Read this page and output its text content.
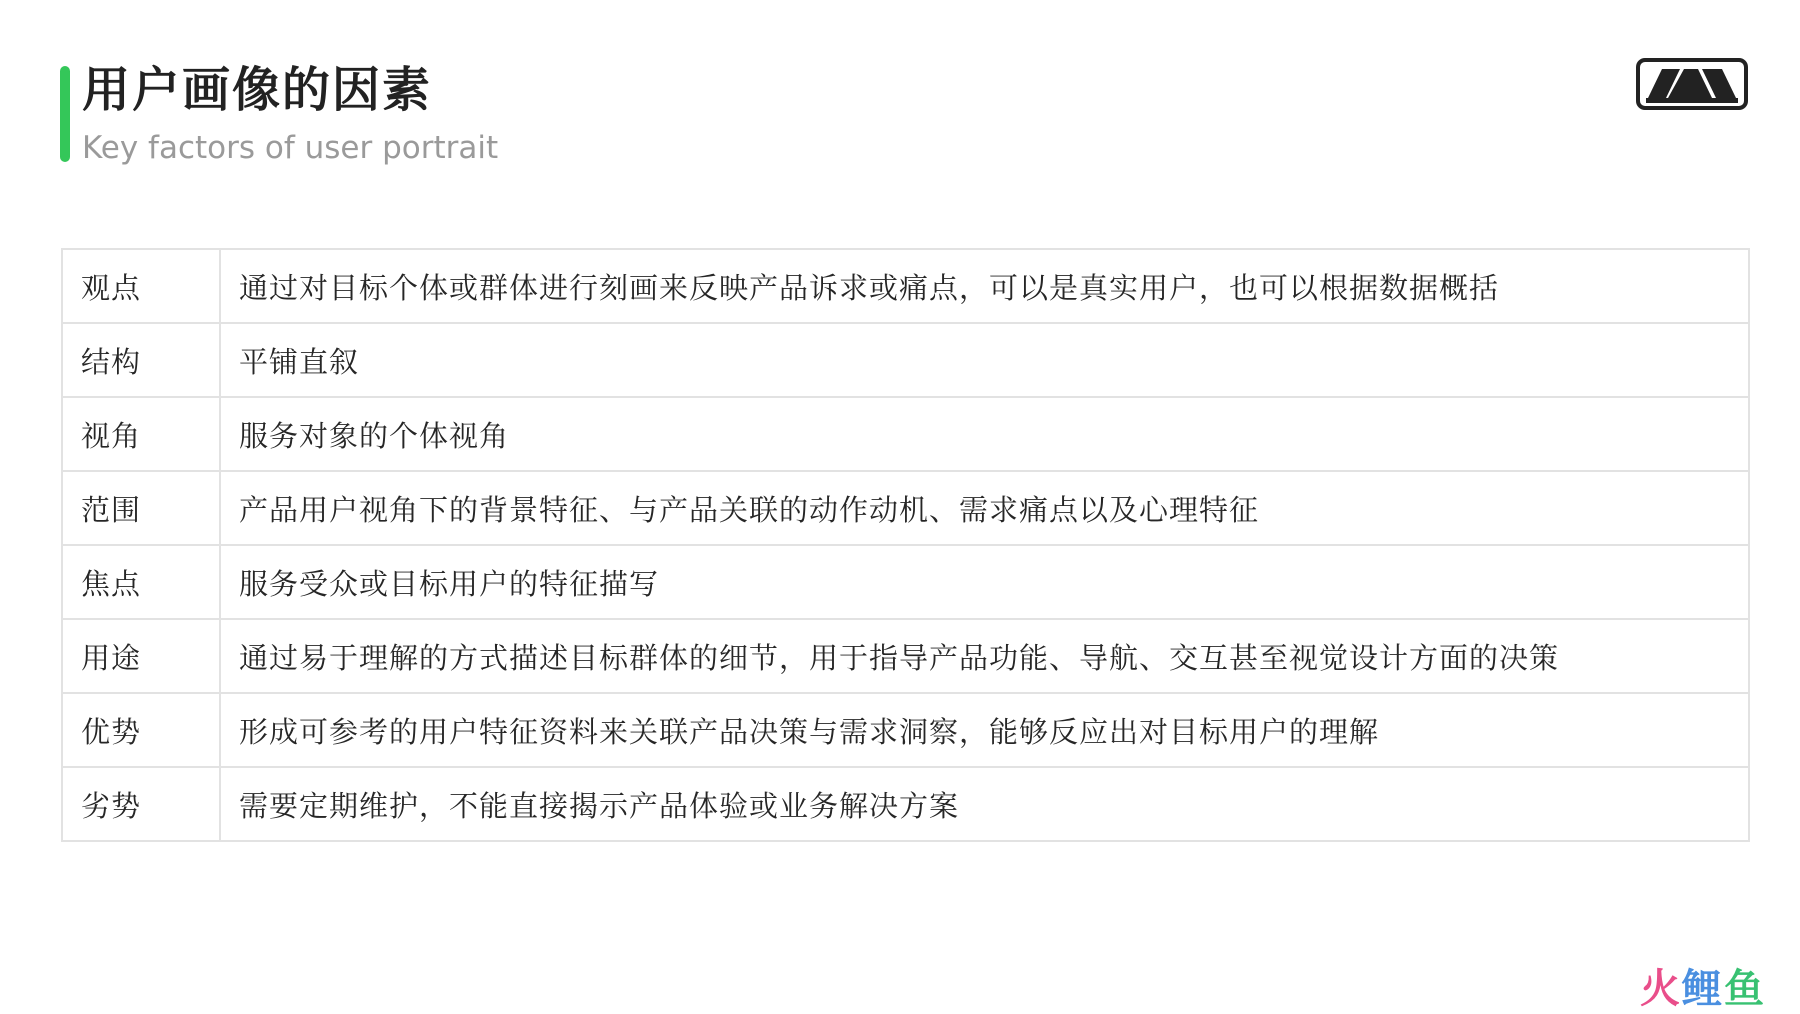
用户画像的因素
Key factors of user portrait
观点	通过对目标个体或群体进行刻画来反映产品诉求或痛点，可以是真实用户，也可以根据数据概括
结构	平铺直叙
视角	服务对象的个体视角
范围	产品用户视角下的背景特征、与产品关联的动作动机、需求痛点以及心理特征
焦点	服务受众或目标用户的特征描写
用途	通过易于理解的方式描述目标群体的细节，用于指导产品功能、导航、交互甚至视觉设计方面的决策
优势	形成可参考的用户特征资料来关联产品决策与需求洞察，能够反应出对目标用户的理解
劣势	需要定期维护，不能直接揭示产品体验或业务解决方案
火鲤鱼
